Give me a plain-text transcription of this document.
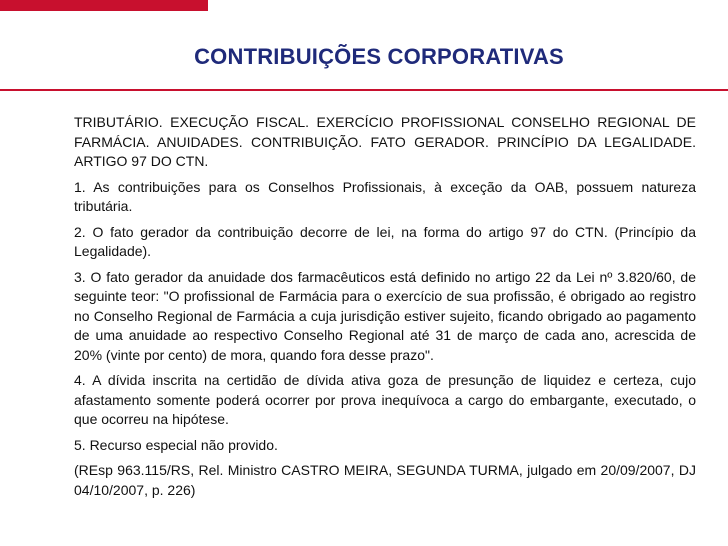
CONTRIBUIÇÕES CORPORATIVAS

TRIBUTÁRIO. EXECUÇÃO FISCAL. EXERCÍCIO PROFISSIONAL CONSELHO REGIONAL DE FARMÁCIA. ANUIDADES. CONTRIBUIÇÃO. FATO GERADOR. PRINCÍPIO DA LEGALIDADE. ARTIGO 97 DO CTN.

1. As contribuições para os Conselhos Profissionais, à exceção da OAB, possuem natureza tributária.

2. O fato gerador da contribuição decorre de lei, na forma do artigo 97 do CTN. (Princípio da Legalidade).

3. O fato gerador da anuidade dos farmacêuticos está definido no artigo 22 da Lei nº 3.820/60, de seguinte teor: "O profissional de Farmácia para o exercício de sua profissão, é obrigado ao registro no Conselho Regional de Farmácia a cuja jurisdição estiver sujeito, ficando obrigado ao pagamento de uma anuidade ao respectivo Conselho Regional até 31 de março de cada ano, acrescida de 20% (vinte por cento) de mora, quando fora desse prazo".

4. A dívida inscrita na certidão de dívida ativa goza de presunção de liquidez e certeza, cujo afastamento somente poderá ocorrer por prova inequívoca a cargo do embargante, executado, o que ocorreu na hipótese.

5. Recurso especial não provido.

(REsp 963.115/RS, Rel. Ministro CASTRO MEIRA, SEGUNDA TURMA, julgado em 20/09/2007, DJ 04/10/2007, p. 226)
